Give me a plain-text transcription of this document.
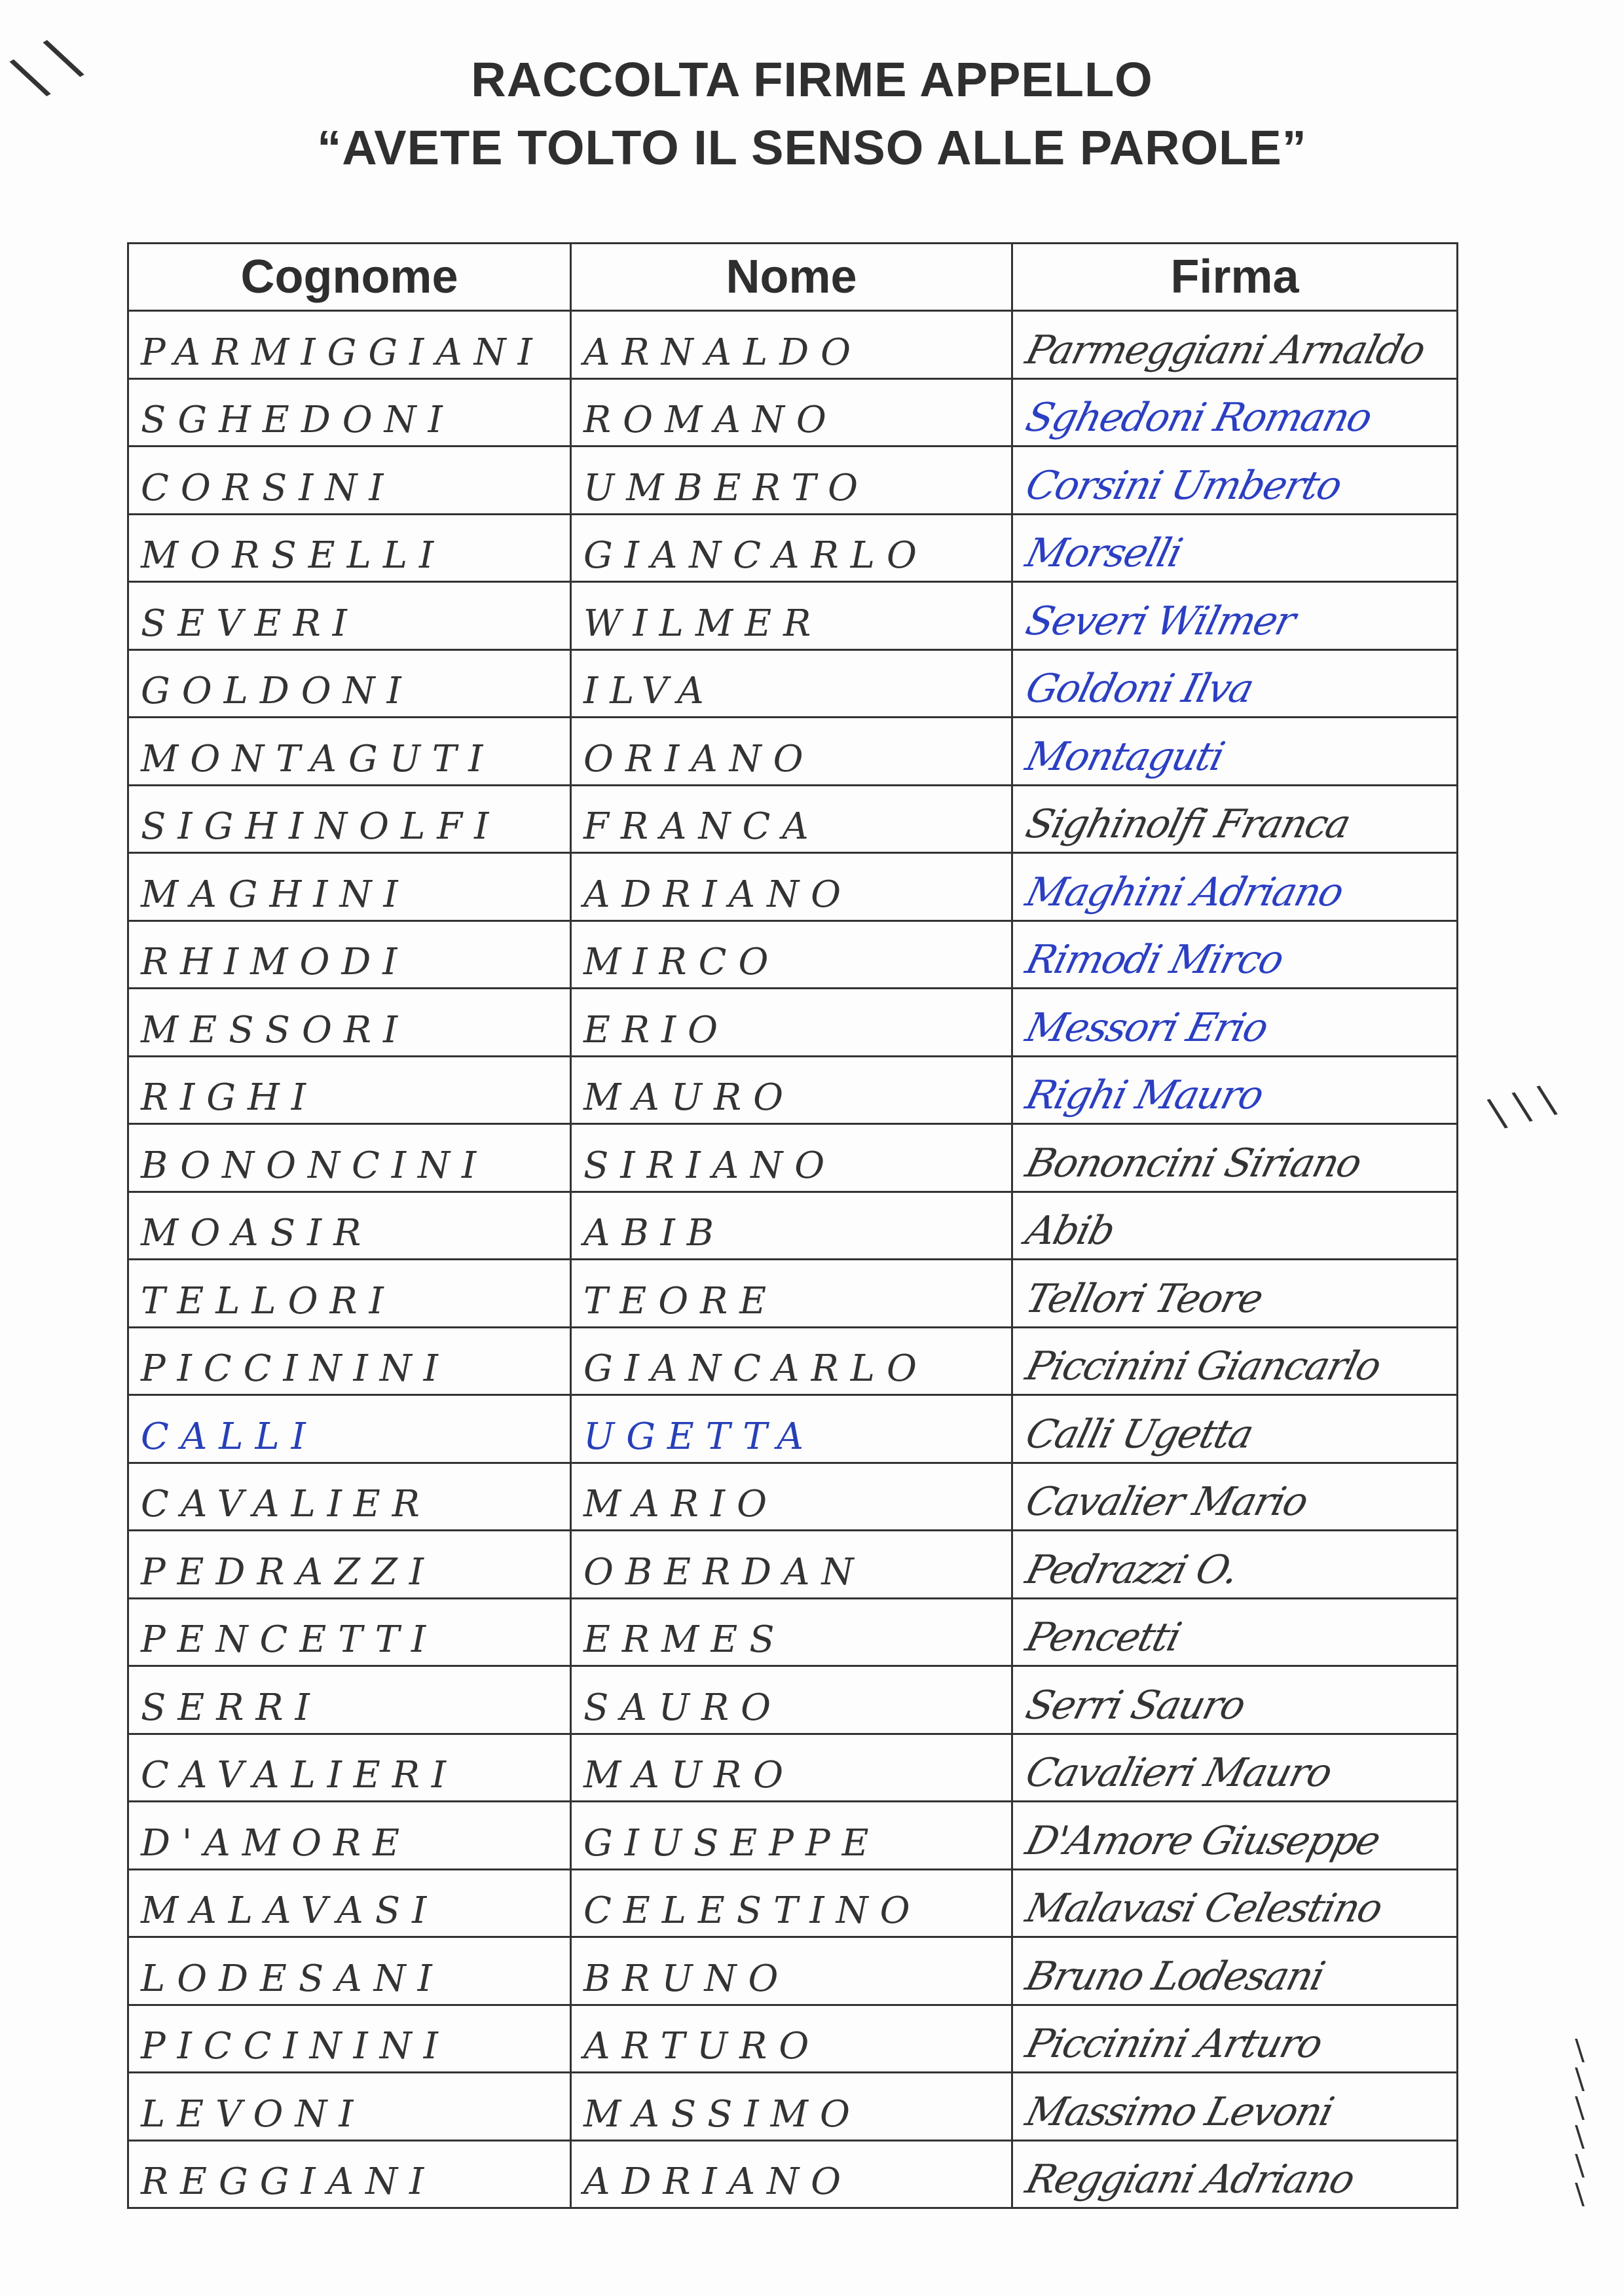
\ \	RACCOLTA FIRME APPELLO
“AVETE TOLTO IL SENSO ALLE PAROLE”
Cognome	Nome	Firma

PARMIGGIANI	ARNALDO	Parmeggiani Arnaldo

SGHEDONI	ROMANO	Sghedoni Romano

CORSINI	UMBERTO	Corsini Umberto

MORSELLI	GIANCARLO	Morselli

SEVERI	WILMER	Severi Wilmer

GOLDONI	ILVA	Goldoni Ilva

MONTAGUTI	ORIANO	Montaguti

SIGHINOLFI	FRANCA	Sighinolfi Franca

MAGHINI	ADRIANO	Maghini Adriano

RHIMODI	MIRCO	Rimodi Mirco

MESSORI	ERIO	Messori Erio

RIGHI	MAURO	Righi Mauro

BONONCINI	SIRIANO	Bononcini Siriano

MOASIR	ABIB	Abib

TELLORI	TEORE	Tellori Teore

PICCININI	GIANCARLO	Piccinini Giancarlo

CALLI	UGETTA	Calli Ugetta

CAVALIER	MARIO	Cavalier Mario

PEDRAZZI	OBERDAN	Pedrazzi O.

PENCETTI	ERMES	Pencetti

SERRI	SAURO	Serri Sauro

CAVALIERI	MAURO	Cavalieri Mauro

D'AMORE	GIUSEPPE	D'Amore Giuseppe

MALAVASI	CELESTINO	Malavasi Celestino

LODESANI	BRUNO	Bruno Lodesani

PICCININI	ARTURO	Piccinini Arturo

LEVONI	MASSIMO	Massimo Levoni

REGGIANI	ADRIANO	Reggiani Adriano
\ \ \
\ \ \ \ \ \
